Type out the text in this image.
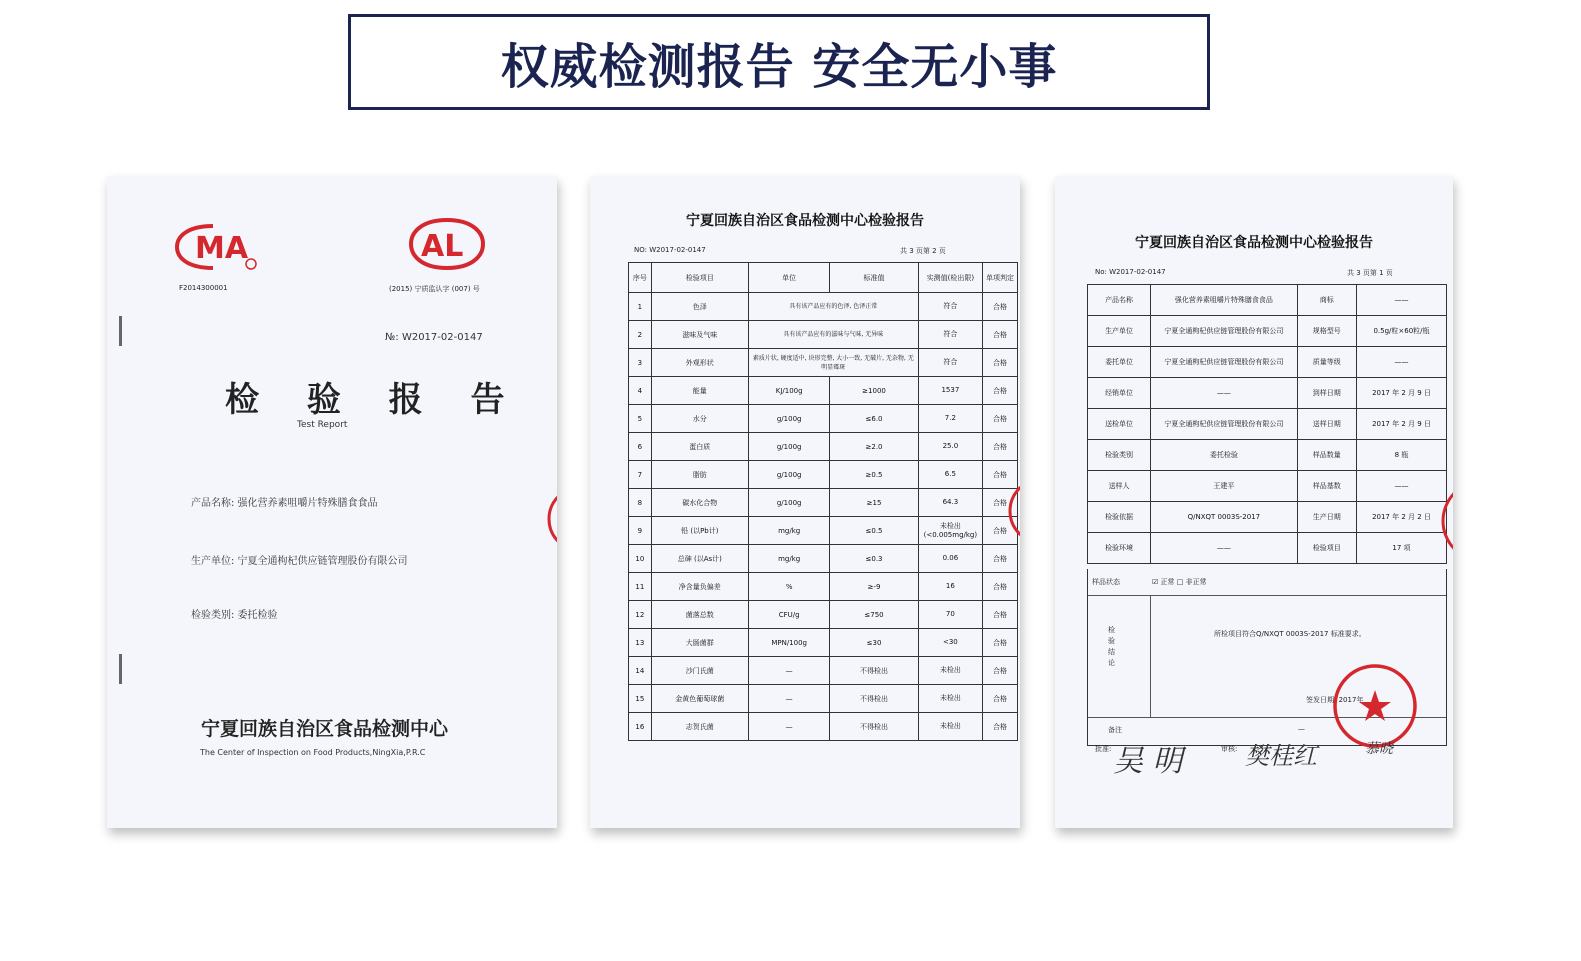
权威检测报告 安全无小事
MA
F2014300001
AL
(2015) 宁质监认字 (007) 号
№: W2017-02-0147
检 验 报 告
Test Report
产品名称: 强化营养素咀嚼片特殊膳食食品
生产单位: 宁夏全通枸杞供应链管理股份有限公司
检验类别: 委托检验
宁夏回族自治区食品检测中心
The Center of Inspection on Food Products,NingXia,P.R.C
宁夏回族自治区食品检测中心检验报告
NO: W2017-02-0147	共 3 页第 2 页
序号	检验项目	单位	标准值	实测值(检出限)	单项判定
1	色泽	具有该产品应有的色泽, 色泽正常		符合	合格
2	滋味及气味	具有该产品应有的滋味与气味, 无异味		符合	合格
3	外观形状	素质片状, 硬度适中, 块形完整, 大小一致, 无破片, 无杂物, 无明显霉斑		符合	合格
4	能量	KJ/100g	≥1000	1537	合格
5	水分	g/100g	≤6.0	7.2	合格
6	蛋白质	g/100g	≥2.0	25.0	合格
7	脂肪	g/100g	≥0.5	6.5	合格
8	碳水化合物	g/100g	≥15	64.3	合格
9	铅 (以Pb计)	mg/kg	≤0.5	未检出 (<0.005mg/kg)	合格
10	总砷 (以As计)	mg/kg	≤0.3	0.06	合格
11	净含量负偏差	%	≥-9	16	合格
12	菌落总数	CFU/g	≤750	70	合格
13	大肠菌群	MPN/100g	≤30	<30	合格
14	沙门氏菌	—	不得检出	未检出	合格
15	金黄色葡萄球菌	—	不得检出	未检出	合格
16	志贺氏菌	—	不得检出	未检出	合格
宁夏回族自治区食品检测中心检验报告
No: W2017-02-0147	共 3 页第 1 页
产品名称	强化营养素咀嚼片特殊膳食食品	商标	——
生产单位	宁夏全通枸杞供应链管理股份有限公司	规格型号	0.5g/粒×60粒/瓶
委托单位	宁夏全通枸杞供应链管理股份有限公司	质量等级	——
经销单位	——	到样日期	2017 年 2 月 9 日
送检单位	宁夏全通枸杞供应链管理股份有限公司	送样日期	2017 年 2 月 9 日
检验类别	委托检验	样品数量	8 瓶
送样人	王建平	样品基数	——
检验依据	Q/NXQT 0003S-2017	生产日期	2017 年 2 月 2 日
检验环境	——	检验项目	17 项
样品状态	☑ 正常 □ 非正常
检验结论
所检项目符合Q/NXQT 0003S-2017 标准要求。
签发日期: 2017年
备注	—
批准: 吴 明	审核: 樊桂红	慕晓
